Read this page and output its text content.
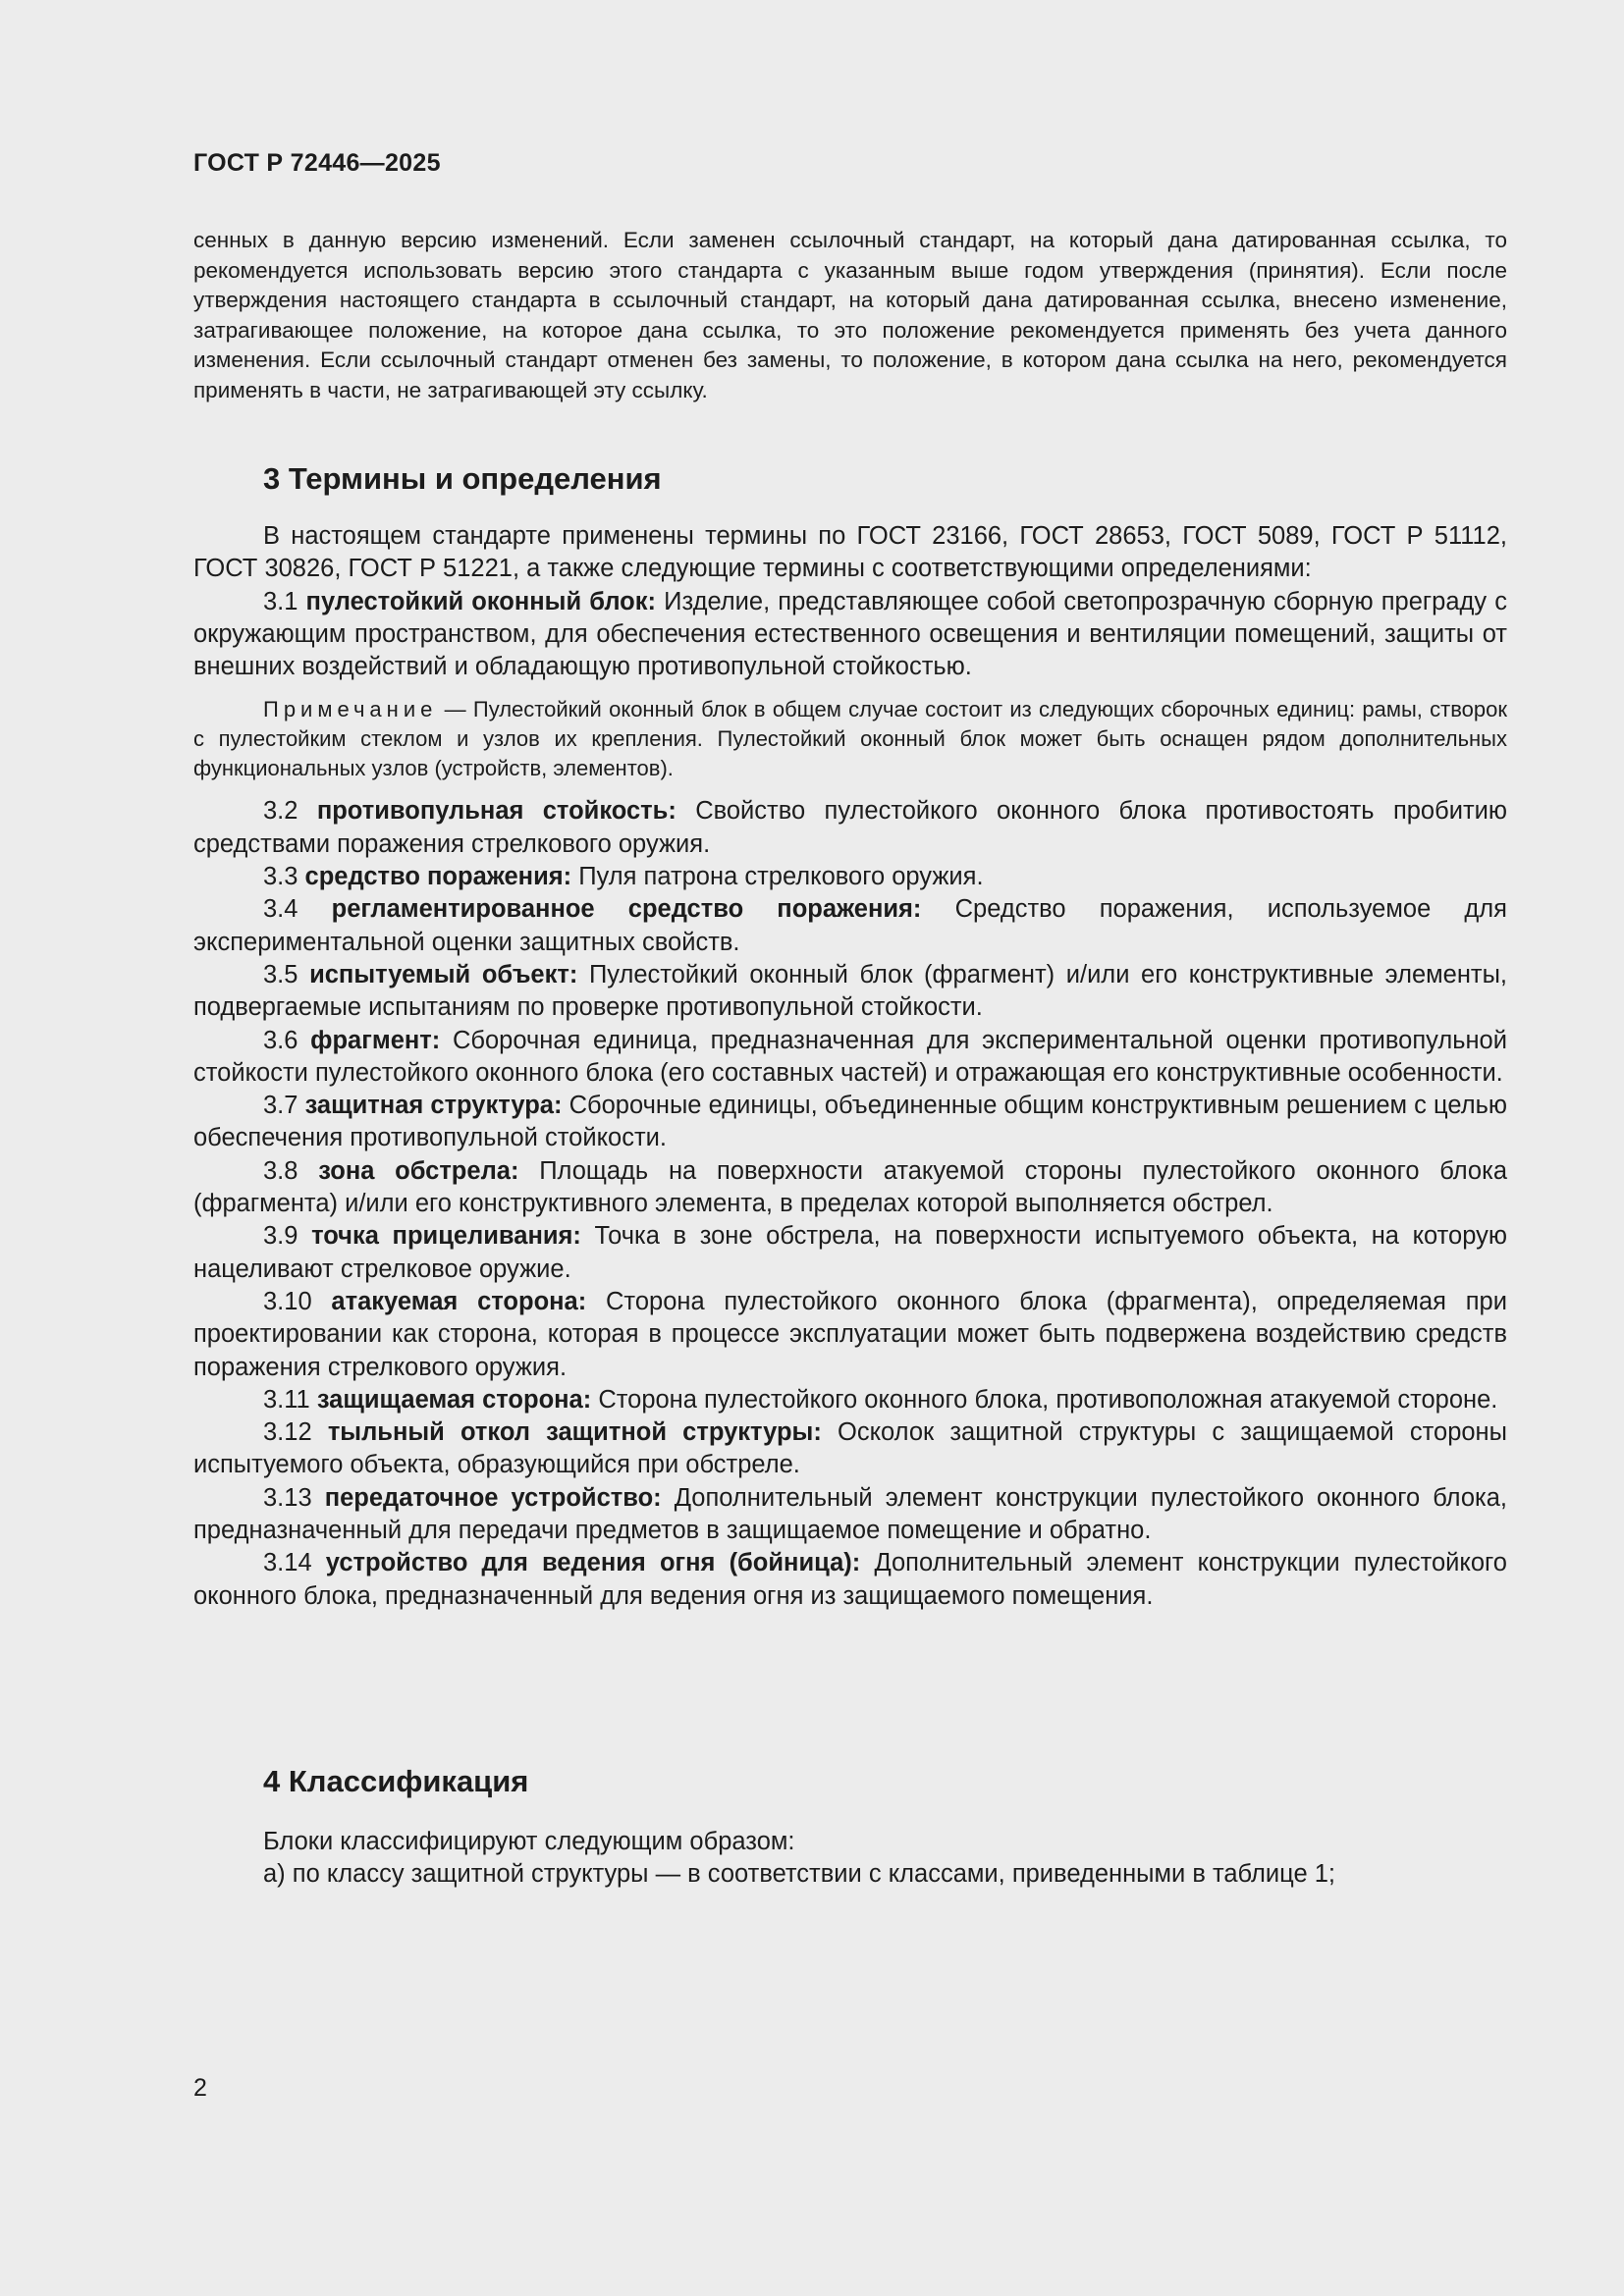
ГОСТ Р 72446—2025
сенных в данную версию изменений. Если заменен ссылочный стандарт, на который дана датированная ссылка, то рекомендуется использовать версию этого стандарта с указанным выше годом утверждения (принятия). Если после утверждения настоящего стандарта в ссылочный стандарт, на который дана датированная ссылка, внесено изменение, затрагивающее положение, на которое дана ссылка, то это положение рекомендуется применять без учета данного изменения. Если ссылочный стандарт отменен без замены, то положение, в котором дана ссылка на него, рекомендуется применять в части, не затрагивающей эту ссылку.
3 Термины и определения

В настоящем стандарте применены термины по ГОСТ 23166, ГОСТ 28653, ГОСТ 5089, ГОСТ Р 51112, ГОСТ 30826, ГОСТ Р 51221, а также следующие термины с соответствующими определениями:

3.1 пулестойкий оконный блок: Изделие, представляющее собой светопрозрачную сборную преграду с окружающим пространством, для обеспечения естественного освещения и вентиляции помещений, защиты от внешних воздействий и обладающую противопульной стойкостью.

Примечание — Пулестойкий оконный блок в общем случае состоит из следующих сборочных единиц: рамы, створок с пулестойким стеклом и узлов их крепления. Пулестойкий оконный блок может быть оснащен рядом дополнительных функциональных узлов (устройств, элементов).

3.2 противопульная стойкость: Свойство пулестойкого оконного блока противостоять пробитию средствами поражения стрелкового оружия.

3.3 средство поражения: Пуля патрона стрелкового оружия.

3.4 регламентированное средство поражения: Средство поражения, используемое для экспериментальной оценки защитных свойств.

3.5 испытуемый объект: Пулестойкий оконный блок (фрагмент) и/или его конструктивные элементы, подвергаемые испытаниям по проверке противопульной стойкости.

3.6 фрагмент: Сборочная единица, предназначенная для экспериментальной оценки противопульной стойкости пулестойкого оконного блока (его составных частей) и отражающая его конструктивные особенности.

3.7 защитная структура: Сборочные единицы, объединенные общим конструктивным решением с целью обеспечения противопульной стойкости.

3.8 зона обстрела: Площадь на поверхности атакуемой стороны пулестойкого оконного блока (фрагмента) и/или его конструктивного элемента, в пределах которой выполняется обстрел.

3.9 точка прицеливания: Точка в зоне обстрела, на поверхности испытуемого объекта, на которую нацеливают стрелковое оружие.

3.10 атакуемая сторона: Сторона пулестойкого оконного блока (фрагмента), определяемая при проектировании как сторона, которая в процессе эксплуатации может быть подвержена воздействию средств поражения стрелкового оружия.

3.11 защищаемая сторона: Сторона пулестойкого оконного блока, противоположная атакуемой стороне.

3.12 тыльный откол защитной структуры: Осколок защитной структуры с защищаемой стороны испытуемого объекта, образующийся при обстреле.

3.13 передаточное устройство: Дополнительный элемент конструкции пулестойкого оконного блока, предназначенный для передачи предметов в защищаемое помещение и обратно.

3.14 устройство для ведения огня (бойница): Дополнительный элемент конструкции пулестойкого оконного блока, предназначенный для ведения огня из защищаемого помещения.

4 Классификация

Блоки классифицируют следующим образом:

а) по классу защитной структуры — в соответствии с классами, приведенными в таблице 1;

2
